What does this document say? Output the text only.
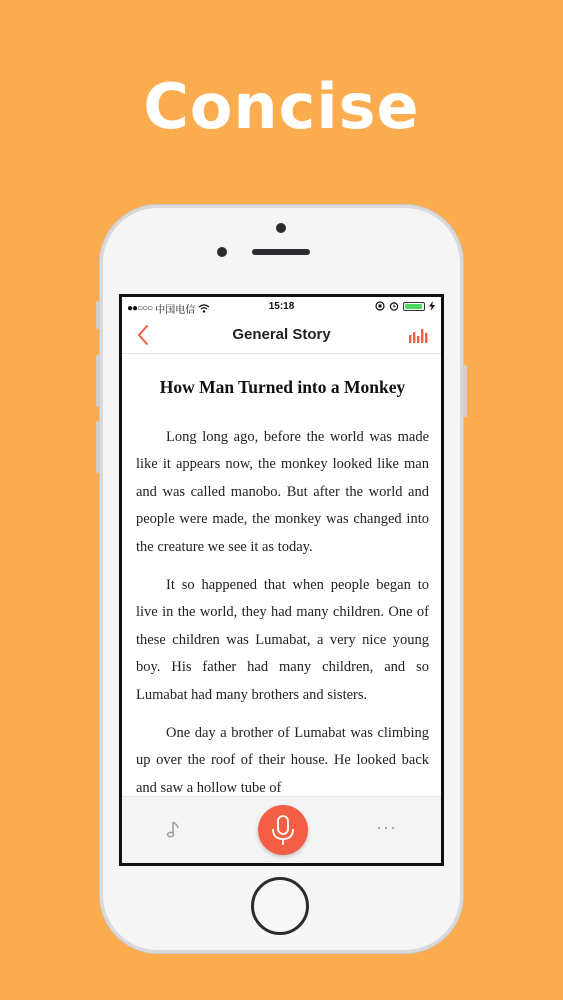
Concise
●●○○○ 中国电信	15:18
General Story
How Man Turned into a Monkey

Long long ago, before the world was made like it appears now, the monkey looked like man and was called manobo. But after the world and people were made, the monkey was changed into the creature we see it as today.

It so happened that when people began to live in the world, they had many children. One of these children was Lumabat, a very nice young boy. His father had many children, and so Lumabat had many brothers and sisters.

One day a brother of Lumabat was climbing up over the roof of their house. He looked back and saw a hollow tube of

···
